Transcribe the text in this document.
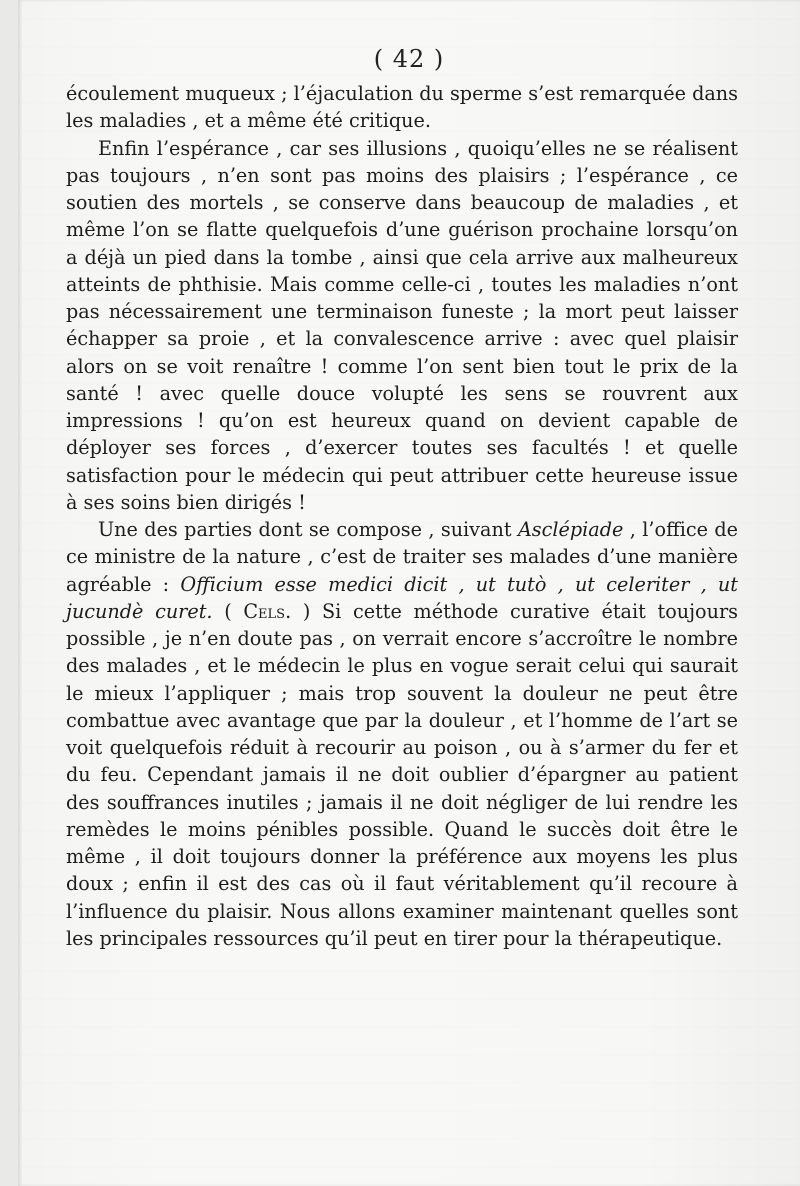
( 42 )

écoulement muqueux ; l’éjaculation du sperme s’est remarquée dans les maladies , et a même été critique.

Enfin l’espérance , car ses illusions , quoiqu’elles ne se réalisent pas toujours , n’en sont pas moins des plaisirs ; l’espérance , ce soutien des mortels , se conserve dans beaucoup de maladies , et même l’on se flatte quelquefois d’une guérison prochaine lorsqu’on a déjà un pied dans la tombe , ainsi que cela arrive aux malheureux atteints de phthisie. Mais comme celle-ci , toutes les maladies n’ont pas nécessairement une terminaison funeste ; la mort peut laisser échapper sa proie , et la convalescence arrive : avec quel plaisir alors on se voit renaître ! comme l’on sent bien tout le prix de la santé ! avec quelle douce volupté les sens se rouvrent aux impressions ! qu’on est heureux quand on devient capable de déployer ses forces , d’exercer toutes ses facultés ! et quelle satisfaction pour le médecin qui peut attribuer cette heureuse issue à ses soins bien dirigés !

Une des parties dont se compose , suivant Asclépiade , l’office de ce ministre de la nature , c’est de traiter ses malades d’une manière agréable : Officium esse medici dicit , ut tutò , ut celeriter , ut jucundè curet. ( Cels. ) Si cette méthode curative était toujours possible , je n’en doute pas , on verrait encore s’accroître le nombre des malades , et le médecin le plus en vogue serait celui qui saurait le mieux l’appliquer ; mais trop souvent la douleur ne peut être combattue avec avantage que par la douleur , et l’homme de l’art se voit quelquefois réduit à recourir au poison , ou à s’armer du fer et du feu. Cependant jamais il ne doit oublier d’épargner au patient des souffrances inutiles ; jamais il ne doit négliger de lui rendre les remèdes le moins pénibles possible. Quand le succès doit être le même , il doit toujours donner la préférence aux moyens les plus doux ; enfin il est des cas où il faut véritablement qu’il recoure à l’influence du plaisir. Nous allons examiner maintenant quelles sont les principales ressources qu’il peut en tirer pour la thérapeutique.
